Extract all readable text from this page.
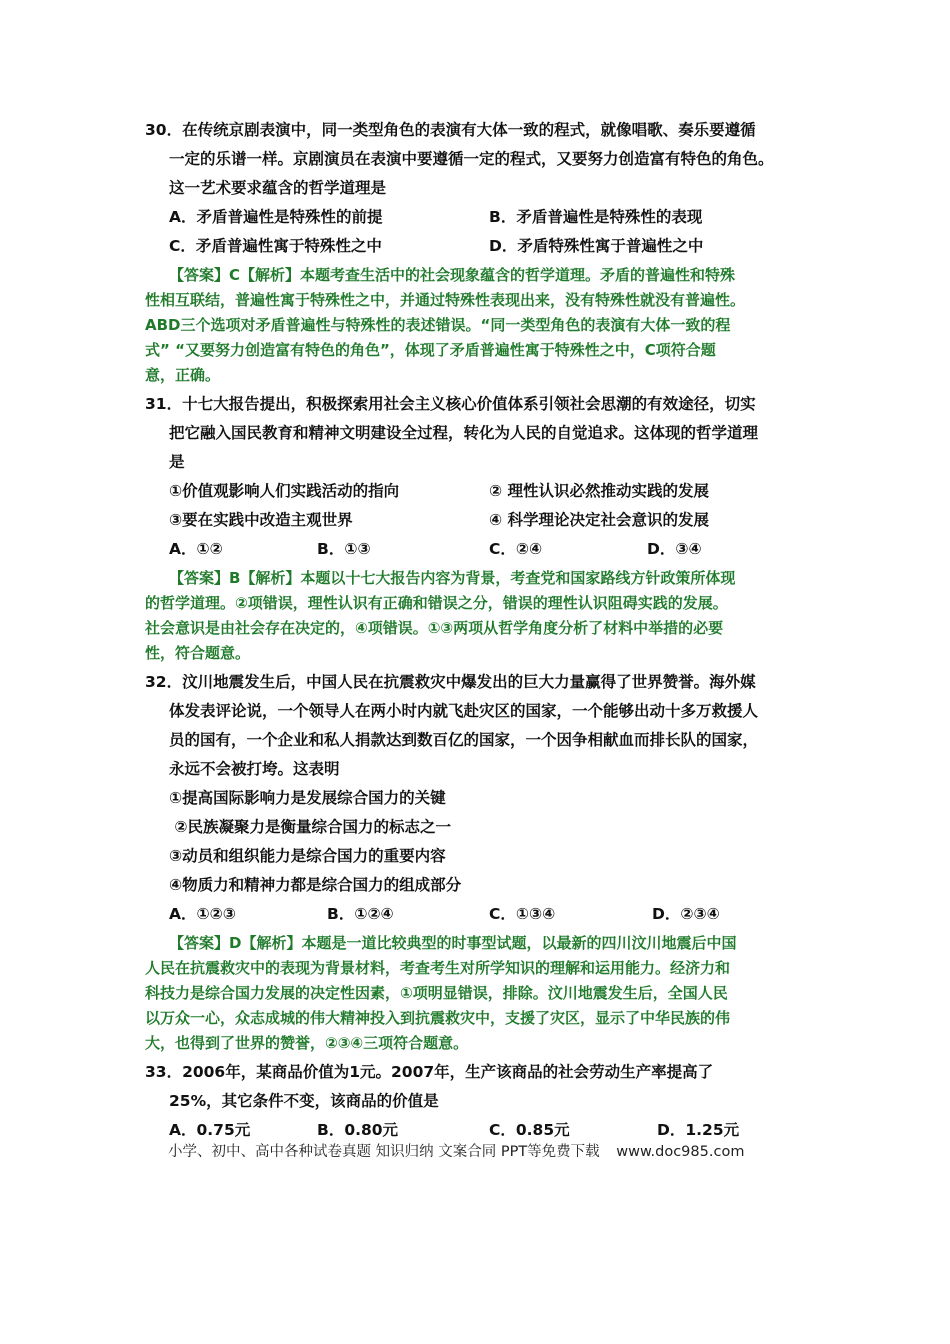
30．在传统京剧表演中，同一类型角色的表演有大体一致的程式，就像唱歌、奏乐要遵循
一定的乐谱一样。京剧演员在表演中要遵循一定的程式，又要努力创造富有特色的角色。
这一艺术要求蕴含的哲学道理是
A．矛盾普遍性是特殊性的前提	B．矛盾普遍性是特殊性的表现
C．矛盾普遍性寓于特殊性之中	D．矛盾特殊性寓于普遍性之中
【答案】C【解析】本题考查生活中的社会现象蕴含的哲学道理。矛盾的普遍性和特殊
性相互联结，普遍性寓于特殊性之中，并通过特殊性表现出来，没有特殊性就没有普遍性。
ABD三个选项对矛盾普遍性与特殊性的表述错误。“同一类型角色的表演有大体一致的程
式” “又要努力创造富有特色的角色”，体现了矛盾普遍性寓于特殊性之中，C项符合题
意，正确。
31．十七大报告提出，积极探索用社会主义核心价值体系引领社会思潮的有效途径，切实
把它融入国民教育和精神文明建设全过程，转化为人民的自觉追求。这体现的哲学道理
是
①价值观影响人们实践活动的指向	② 理性认识必然推动实践的发展
③要在实践中改造主观世界	④ 科学理论决定社会意识的发展
A．①②	B．①③	C．②④	D．③④
【答案】B【解析】本题以十七大报告内容为背景，考查党和国家路线方针政策所体现
的哲学道理。②项错误，理性认识有正确和错误之分，错误的理性认识阻碍实践的发展。
社会意识是由社会存在决定的，④项错误。①③两项从哲学角度分析了材料中举措的必要
性，符合题意。
32．汶川地震发生后，中国人民在抗震救灾中爆发出的巨大力量赢得了世界赞誉。海外媒
体发表评论说，一个领导人在两小时内就飞赴灾区的国家，一个能够出动十多万救援人
员的国有，一个企业和私人捐款达到数百亿的国家，一个因争相献血而排长队的国家，
永远不会被打垮。这表明
①提高国际影响力是发展综合国力的关键
②民族凝聚力是衡量综合国力的标志之一
③动员和组织能力是综合国力的重要内容
④物质力和精神力都是综合国力的组成部分
A．①②③	B．①②④	C．①③④	D．②③④
【答案】D【解析】本题是一道比较典型的时事型试题，以最新的四川汶川地震后中国
人民在抗震救灾中的表现为背景材料，考查考生对所学知识的理解和运用能力。经济力和
科技力是综合国力发展的决定性因素，①项明显错误，排除。汶川地震发生后，全国人民
以万众一心，众志成城的伟大精神投入到抗震救灾中，支援了灾区，显示了中华民族的伟
大，也得到了世界的赞誉，②③④三项符合题意。
33．2006年，某商品价值为1元。2007年，生产该商品的社会劳动生产率提高了
25%，其它条件不变，该商品的价值是
A．0.75元	B．0.80元	C．0.85元	D．1.25元
小学、初中、高中各种试卷真题 知识归纳 文案合同 PPT等免费下载 www.doc985.com
